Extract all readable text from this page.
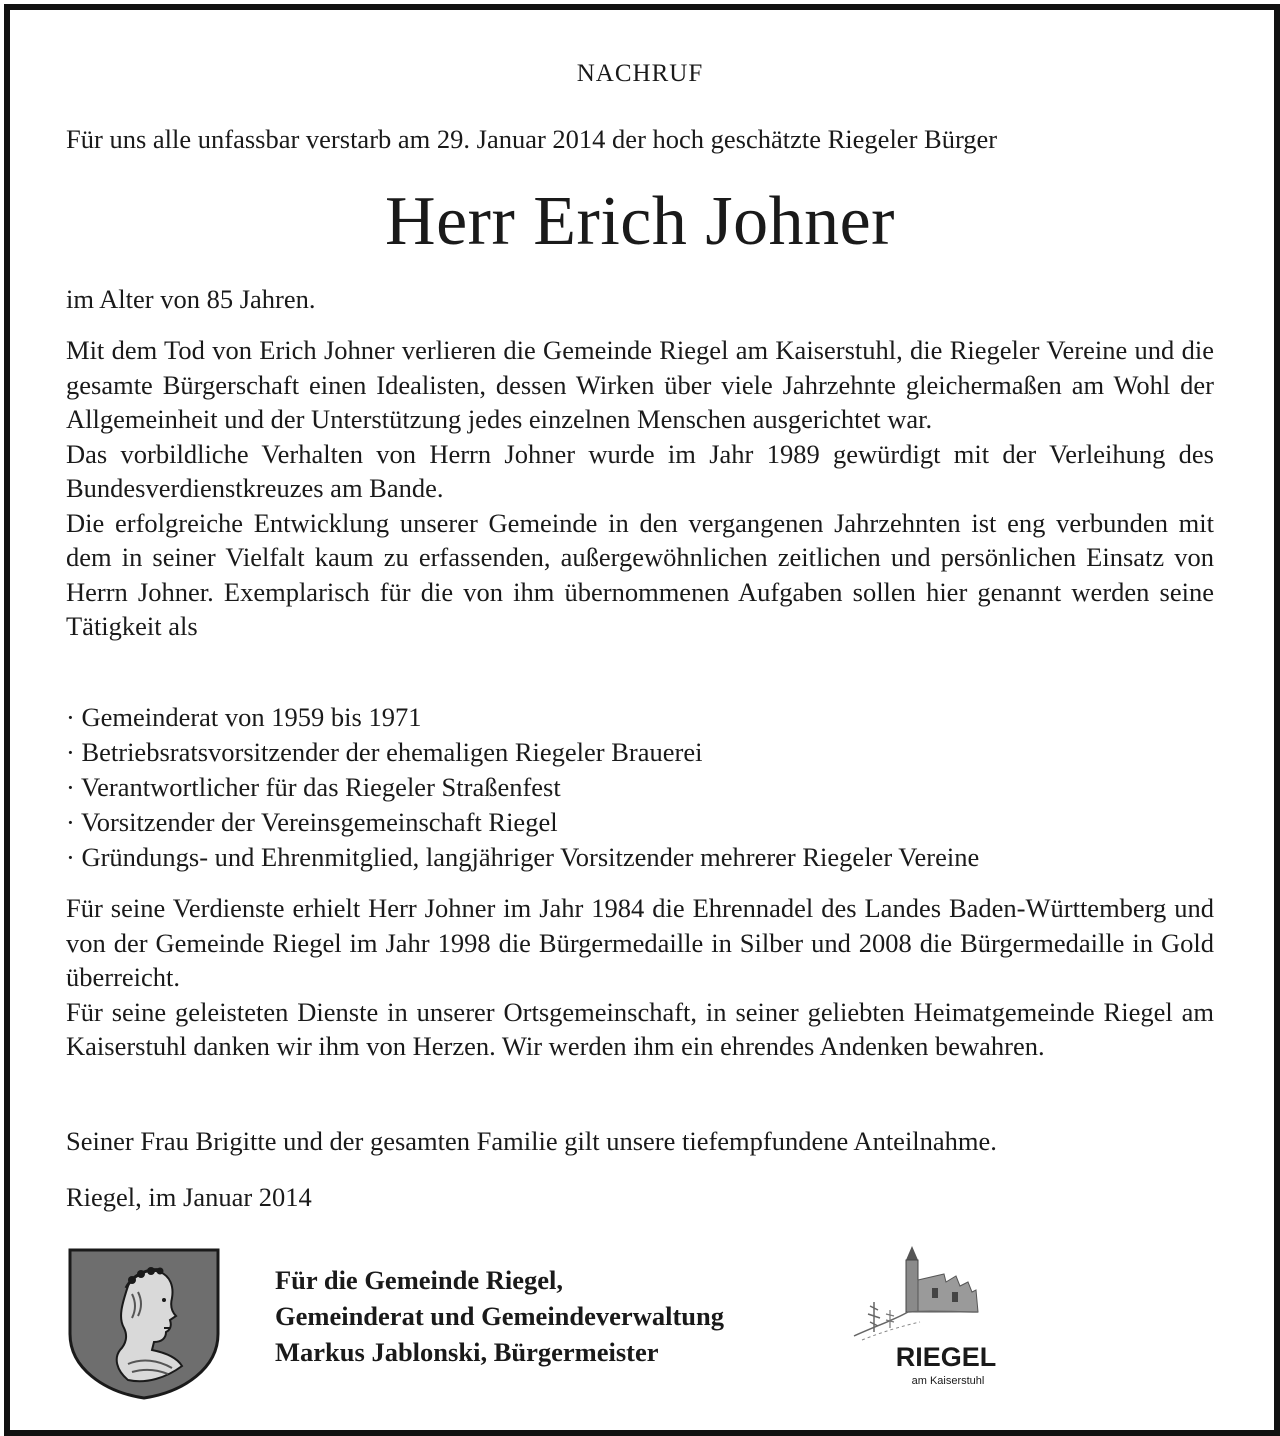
NACHRUF
Für uns alle unfassbar verstarb am 29. Januar 2014 der hoch geschätzte Riegeler Bürger
Herr Erich Johner
im Alter von 85 Jahren.
Mit dem Tod von Erich Johner verlieren die Gemeinde Riegel am Kaiserstuhl, die Riegeler Vereine und die gesamte Bürgerschaft einen Idealisten, dessen Wirken über viele Jahrzehnte gleichermaßen am Wohl der Allgemeinheit und der Unterstützung jedes einzelnen Menschen ausgerichtet war.
Das vorbildliche Verhalten von Herrn Johner wurde im Jahr 1989 gewürdigt mit der Verleihung des Bundesverdienstkreuzes am Bande.
Die erfolgreiche Entwicklung unserer Gemeinde in den vergangenen Jahrzehnten ist eng verbunden mit dem in seiner Vielfalt kaum zu erfassenden, außergewöhnlichen zeitlichen und persönlichen Einsatz von Herrn Johner. Exemplarisch für die von ihm übernommenen Aufgaben sollen hier genannt werden seine Tätigkeit als
· Gemeinderat von 1959 bis 1971
· Betriebsratsvorsitzender der ehemaligen Riegeler Brauerei
· Verantwortlicher für das Riegeler Straßenfest
· Vorsitzender der Vereinsgemeinschaft Riegel
· Gründungs- und Ehrenmitglied, langjähriger Vorsitzender mehrerer Riegeler Vereine
Für seine Verdienste erhielt Herr Johner im Jahr 1984 die Ehrennadel des Landes Baden-Württemberg und von der Gemeinde Riegel im Jahr 1998 die Bürgermedaille in Silber und 2008 die Bürgermedaille in Gold überreicht.
Für seine geleisteten Dienste in unserer Ortsgemeinschaft, in seiner geliebten Heimatgemeinde Riegel am Kaiserstuhl danken wir ihm von Herzen. Wir werden ihm ein ehrendes Andenken bewahren.
Seiner Frau Brigitte und der gesamten Familie gilt unsere tiefempfundene Anteilnahme.
Riegel, im Januar 2014
Für die Gemeinde Riegel,
Gemeinderat und Gemeindeverwaltung
Markus Jablonski, Bürgermeister	RIEGEL
am Kaiserstuhl
